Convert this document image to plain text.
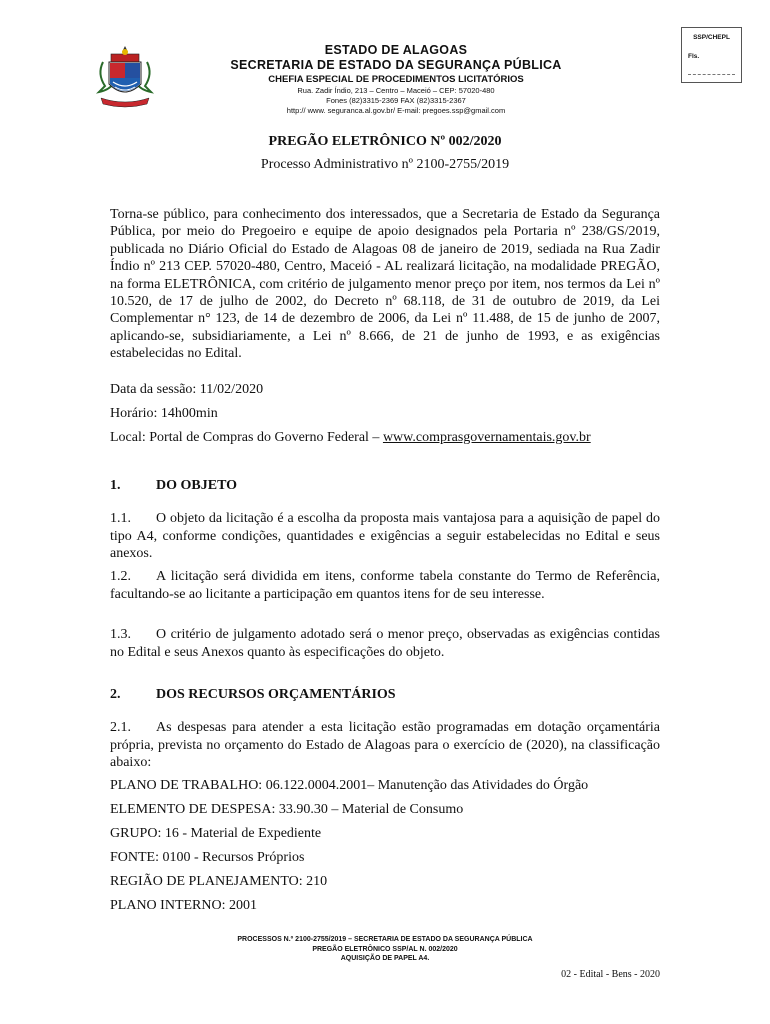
SSP/CHEPL
Fls.
ESTADO DE ALAGOAS
SECRETARIA DE ESTADO DA SEGURANÇA PÚBLICA
CHEFIA ESPECIAL DE PROCEDIMENTOS LICITATÓRIOS
Rua. Zadir Índio, 213 – Centro – Maceió – CEP: 57020-480
Fones (82)3315-2369 FAX (82)3315-2367
http:// www. seguranca.al.gov.br/ E-mail: pregoes.ssp@gmail.com
PREGÃO ELETRÔNICO Nº 002/2020
Processo Administrativo nº 2100-2755/2019

Torna-se público, para conhecimento dos interessados, que a Secretaria de Estado da Segurança Pública, por meio do Pregoeiro e equipe de apoio designados pela Portaria nº 238/GS/2019, publicada no Diário Oficial do Estado de Alagoas 08 de janeiro de 2019, sediada na Rua Zadir Índio nº 213 CEP. 57020-480, Centro, Maceió - AL realizará licitação, na modalidade PREGÃO, na forma ELETRÔNICA, com critério de julgamento menor preço por item, nos termos da Lei nº 10.520, de 17 de julho de 2002, do Decreto nº 68.118, de 31 de outubro de 2019, da Lei Complementar n° 123, de 14 de dezembro de 2006, da Lei nº 11.488, de 15 de junho de 2007, aplicando-se, subsidiariamente, a Lei nº 8.666, de 21 de junho de 1993, e as exigências estabelecidas no Edital.

Data da sessão: 11/02/2020
Horário: 14h00min
Local: Portal de Compras do Governo Federal – www.comprasgovernamentais.gov.br
1.	DO OBJETO
1.1. O objeto da licitação é a escolha da proposta mais vantajosa para a aquisição de papel do tipo A4, conforme condições, quantidades e exigências a seguir estabelecidas no Edital e seus anexos.
1.2. A licitação será dividida em itens, conforme tabela constante do Termo de Referência, facultando-se ao licitante a participação em quantos itens for de seu interesse.
1.3. O critério de julgamento adotado será o menor preço, observadas as exigências contidas no Edital e seus Anexos quanto às especificações do objeto.
2.	DOS RECURSOS ORÇAMENTÁRIOS
2.1. As despesas para atender a esta licitação estão programadas em dotação orçamentária própria, prevista no orçamento do Estado de Alagoas para o exercício de (2020), na classificação abaixo:
PLANO DE TRABALHO: 06.122.0004.2001– Manutenção das Atividades do Órgão
ELEMENTO DE DESPESA: 33.90.30 – Material de Consumo
GRUPO: 16 - Material de Expediente
FONTE: 0100 - Recursos Próprios
REGIÃO DE PLANEJAMENTO: 210
PLANO INTERNO: 2001
PROCESSOS N.º 2100-2755/2019 – SECRETARIA DE ESTADO DA SEGURANÇA PÚBLICA
PREGÃO ELETRÔNICO SSP/AL N. 002/2020
AQUISIÇÃO DE PAPEL A4.
02 - Edital - Bens - 2020
